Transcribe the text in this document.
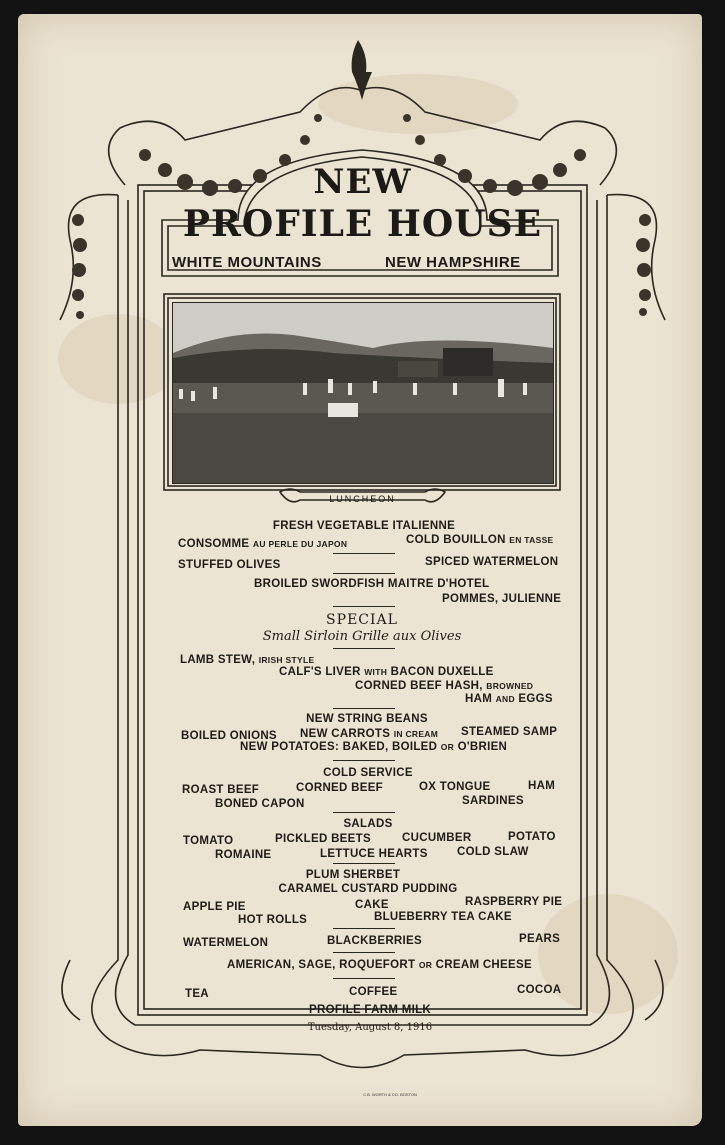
NEW
PROFILE HOUSE
WHITE MOUNTAINS	NEW HAMPSHIRE
LUNCHEON
FRESH VEGETABLE ITALIENNE
CONSOMME AU PERLE DU JAPON	COLD BOUILLON EN TASSE
STUFFED OLIVES	SPICED WATERMELON
BROILED SWORDFISH MAITRE D'HOTEL
POMMES, JULIENNE
SPECIAL
Small Sirloin Grille aux Olives
LAMB STEW, IRISH STYLE
CALF'S LIVER WITH BACON DUXELLE
CORNED BEEF HASH, BROWNED
HAM AND EGGS
NEW STRING BEANS
BOILED ONIONS NEW CARROTS IN CREAM STEAMED SAMP
NEW POTATOES: BAKED, BOILED OR O'BRIEN
COLD SERVICE
ROAST BEEF	CORNED BEEF	OX TONGUE	HAM
BONED CAPON	SARDINES
SALADS
TOMATO	PICKLED BEETS	CUCUMBER	POTATO
ROMAINE	LETTUCE HEARTS	COLD SLAW
PLUM SHERBET
CARAMEL CUSTARD PUDDING
APPLE PIE	CAKE	RASPBERRY PIE
HOT ROLLS	BLUEBERRY TEA CAKE
WATERMELON	BLACKBERRIES	PEARS
AMERICAN, SAGE, ROQUEFORT OR CREAM CHEESE
TEA	COFFEE	COCOA
PROFILE FARM MILK
Tuesday, August 8, 1916
C.B. WORTH & CO. BOSTON
